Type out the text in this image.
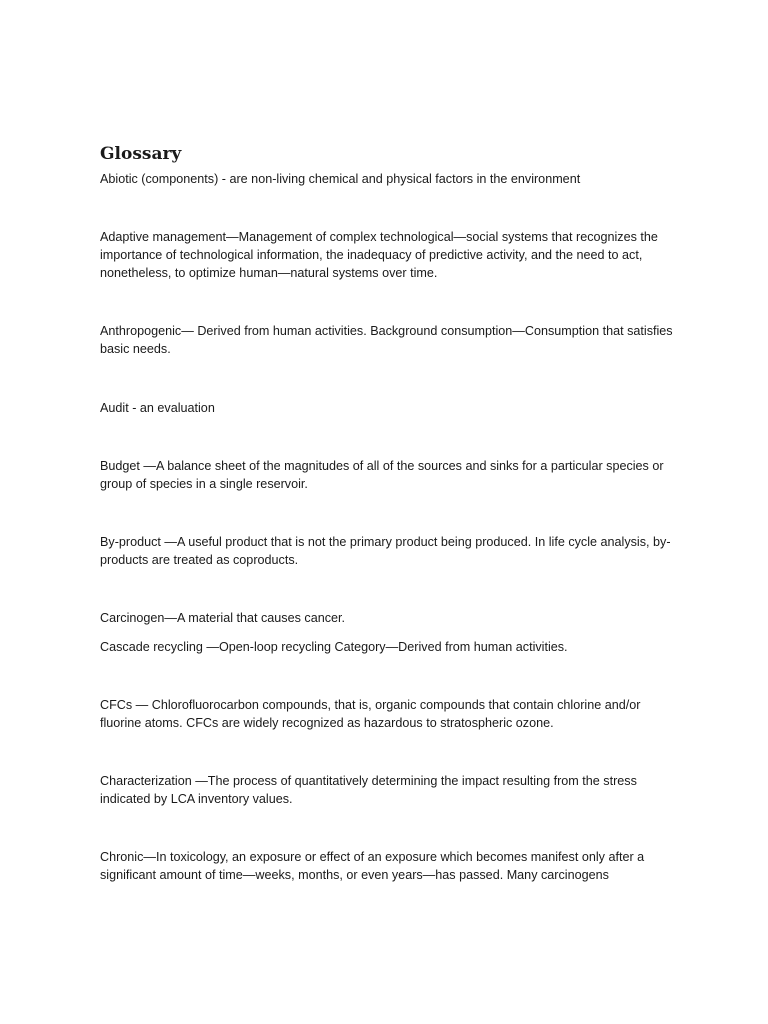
Glossary

Abiotic (components) - are non-living chemical and physical factors in the environment

Adaptive management—Management of complex technological—social systems that recognizes the importance of technological information, the inadequacy of predictive activity, and the need to act, nonetheless, to optimize human—natural systems over time.

Anthropogenic— Derived from human activities. Background consumption—Consumption that satisfies basic needs.

Audit - an evaluation

Budget —A balance sheet of the magnitudes of all of the sources and sinks for a particular species or group of species in a single reservoir.

By-product —A useful product that is not the primary product being produced. In life cycle analysis, by-products are treated as coproducts.

Carcinogen—A material that causes cancer.

Cascade recycling —Open-loop recycling Category—Derived from human activities.

CFCs — Chlorofluorocarbon compounds, that is, organic compounds that contain chlorine and/or fluorine atoms. CFCs are widely recognized as hazardous to stratospheric ozone.

Characterization —The process of quantitatively determining the impact resulting from the stress indicated by LCA inventory values.

Chronic—In toxicology, an exposure or effect of an exposure which becomes manifest only after a significant amount of time—weeks, months, or even years—has passed. Many carcinogens
